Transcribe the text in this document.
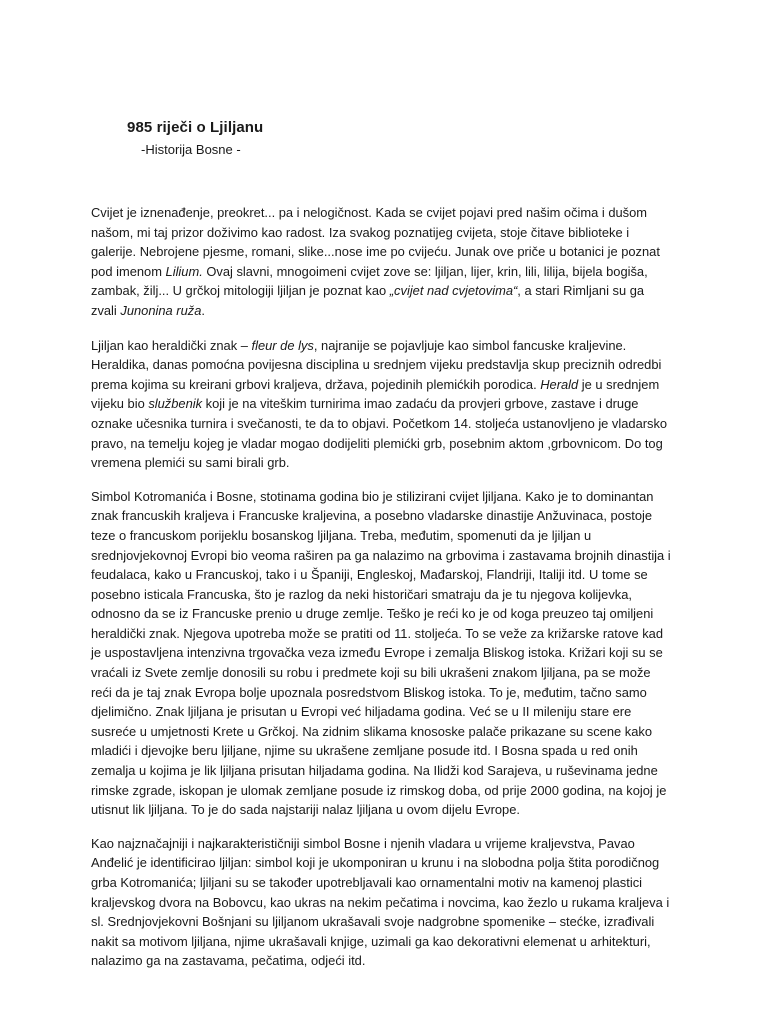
985 riječi o Ljiljanu

-Historija Bosne -

Cvijet je iznenađenje, preokret... pa i nelogičnost. Kada se cvijet pojavi pred našim očima i dušom
našom, mi taj prizor doživimo kao radost. Iza svakog poznatijeg cvijeta, stoje čitave biblioteke i
galerije. Nebrojene pjesme, romani, slike...nose ime po cvijeću. Junak ove priče u botanici je poznat
pod imenom Lilium. Ovaj slavni, mnogoimeni cvijet zove se: ljiljan, lijer, krin, lili, lilija, bijela bogiša,
zambak, žilj... U grčkoj mitologiji ljiljan je poznat kao „cvijet nad cvjetovima“, a stari Rimljani su ga
zvali Junonina ruža.

Ljiljan kao heraldički znak – fleur de lys, najranije se pojavljuje kao simbol fancuske kraljevine.
Heraldika, danas pomoćna povijesna disciplina u srednjem vijeku predstavlja skup preciznih odredbi
prema kojima su kreirani grbovi kraljeva, država, pojedinih plemićkih porodica. Herald je u srednjem
vijeku bio službenik koji je na viteškim turnirima imao zadaću da provjeri grbove, zastave i druge
oznake učesnika turnira i svečanosti, te da to objavi. Početkom 14. stoljeća ustanovljeno je vladarsko
pravo, na temelju kojeg je vladar mogao dodijeliti plemićki grb, posebnim aktom ,grbovnicom. Do tog
vremena plemići su sami birali grb.

Simbol Kotromanića i Bosne, stotinama godina bio je stilizirani cvijet ljiljana. Kako je to dominantan
znak francuskih kraljeva i Francuske kraljevina, a posebno vladarske dinastije Anžuvinaca, postoje
teze o francuskom porijeklu bosanskog ljiljana. Treba, međutim, spomenuti da je ljiljan u
srednjovjekovnoj Evropi bio veoma raširen pa ga nalazimo na grbovima i zastavama brojnih dinastija i
feudalaca, kako u Francuskoj, tako i u Španiji, Engleskoj, Mađarskoj, Flandriji, Italiji itd. U tome se
posebno isticala Francuska, što je razlog da neki historičari smatraju da je tu njegova kolijevka,
odnosno da se iz Francuske prenio u druge zemlje. Teško je reći ko je od koga preuzeo taj omiljeni
heraldički znak. Njegova upotreba može se pratiti od 11. stoljeća. To se veže za križarske ratove kad
je uspostavljena intenzivna trgovačka veza između Evrope i zemalja Bliskog istoka. Križari koji su se
vraćali iz Svete zemlje donosili su robu i predmete koji su bili ukrašeni znakom ljiljana, pa se može
reći da je taj znak Evropa bolje upoznala posredstvom Bliskog istoka. To je, međutim, tačno samo
djelimično. Znak ljiljana je prisutan u Evropi već hiljadama godina. Već se u II mileniju stare ere
susreće u umjetnosti Krete u Grčkoj. Na zidnim slikama knososke palače prikazane su scene kako
mladići i djevojke beru ljiljane, njime su ukrašene zemljane posude itd. I Bosna spada u red onih
zemalja u kojima je lik ljiljana prisutan hiljadama godina. Na Ilidži kod Sarajeva, u ruševinama jedne
rimske zgrade, iskopan je ulomak zemljane posude iz rimskog doba, od prije 2000 godina, na kojoj je
utisnut lik ljiljana. To je do sada najstariji nalaz ljiljana u ovom dijelu Evrope.

Kao najznačajniji i najkarakterističniji simbol Bosne i njenih vladara u vrijeme kraljevstva, Pavao
Anđelić je identificirao ljiljan: simbol koji je ukomponiran u krunu i na slobodna polja štita porodičnog
grba Kotromanića; ljiljani su se također upotrebljavali kao ornamentalni motiv na kamenoj plastici
kraljevskog dvora na Bobovcu, kao ukras na nekim pečatima i novcima, kao žezlo u rukama kraljeva i
sl. Srednjovjekovni Bošnjani su ljiljanom ukrašavali svoje nadgrobne spomenike – stećke, izrađivali
nakit sa motivom ljiljana, njime ukrašavali knjige, uzimali ga kao dekorativni elemenat u arhitekturi,
nalazimo ga na zastavama, pečatima, odjeći itd.
